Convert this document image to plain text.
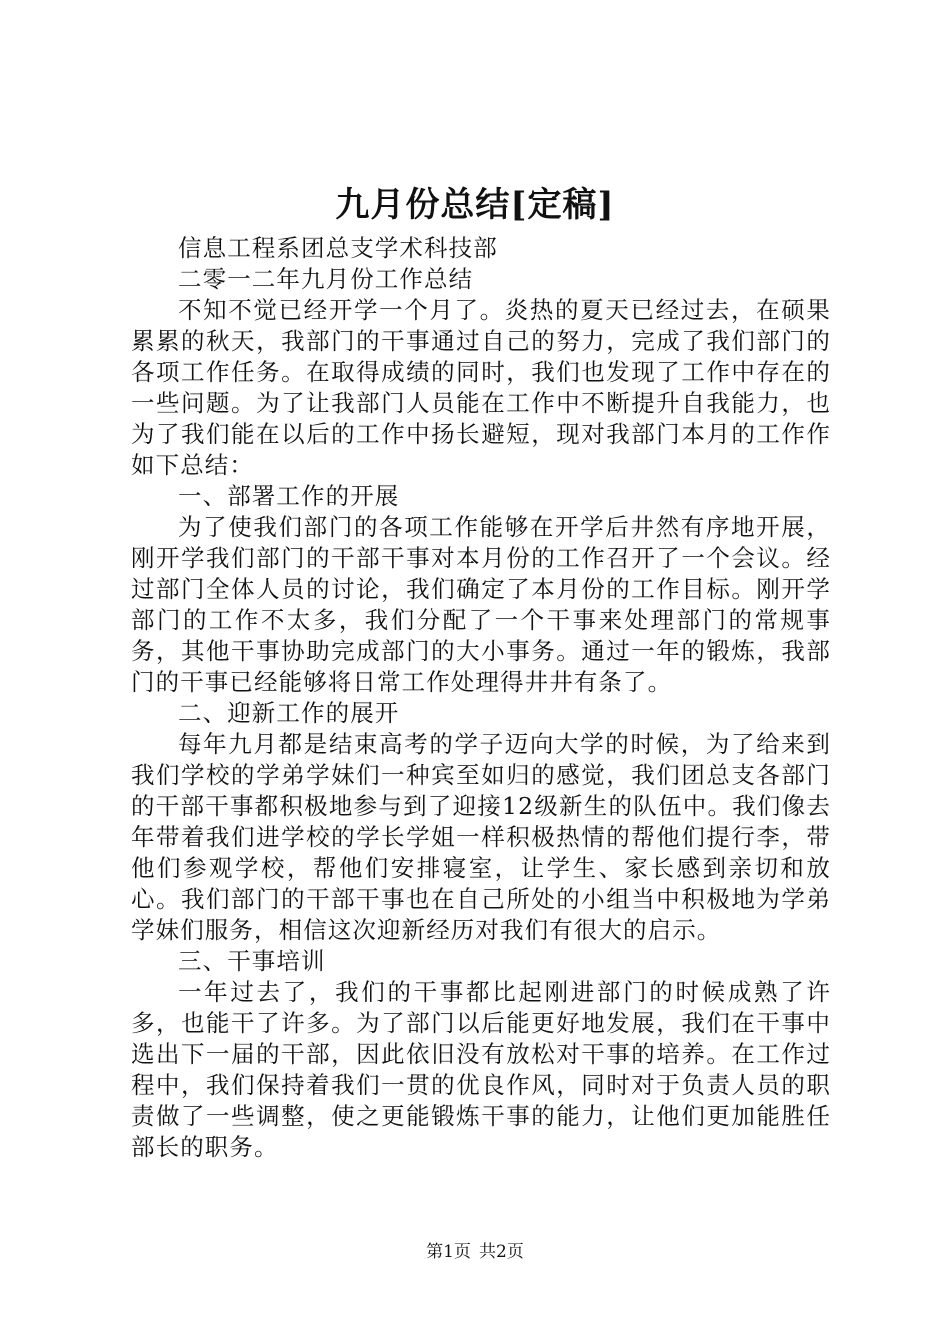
九月份总结[定稿]

信息工程系团总支学术科技部

二零一二年九月份工作总结

不知不觉已经开学一个月了。炎热的夏天已经过去，在硕果累累的秋天，我部门的干事通过自己的努力，完成了我们部门的各项工作任务。在取得成绩的同时，我们也发现了工作中存在的一些问题。为了让我部门人员能在工作中不断提升自我能力，也为了我们能在以后的工作中扬长避短，现对我部门本月的工作作如下总结：

一、部署工作的开展

为了使我们部门的各项工作能够在开学后井然有序地开展，刚开学我们部门的干部干事对本月份的工作召开了一个会议。经过部门全体人员的讨论，我们确定了本月份的工作目标。刚开学部门的工作不太多，我们分配了一个干事来处理部门的常规事务，其他干事协助完成部门的大小事务。通过一年的锻炼，我部门的干事已经能够将日常工作处理得井井有条了。

二、迎新工作的展开

每年九月都是结束高考的学子迈向大学的时候，为了给来到我们学校的学弟学妹们一种宾至如归的感觉，我们团总支各部门的干部干事都积极地参与到了迎接12级新生的队伍中。我们像去年带着我们进学校的学长学姐一样积极热情的帮他们提行李，带他们参观学校，帮他们安排寝室，让学生、家长感到亲切和放心。我们部门的干部干事也在自己所处的小组当中积极地为学弟学妹们服务，相信这次迎新经历对我们有很大的启示。

三、干事培训

一年过去了，我们的干事都比起刚进部门的时候成熟了许多，也能干了许多。为了部门以后能更好地发展，我们在干事中选出下一届的干部，因此依旧没有放松对干事的培养。在工作过程中，我们保持着我们一贯的优良作风，同时对于负责人员的职责做了一些调整，使之更能锻炼干事的能力，让他们更加能胜任部长的职务。

第1页 共2页
